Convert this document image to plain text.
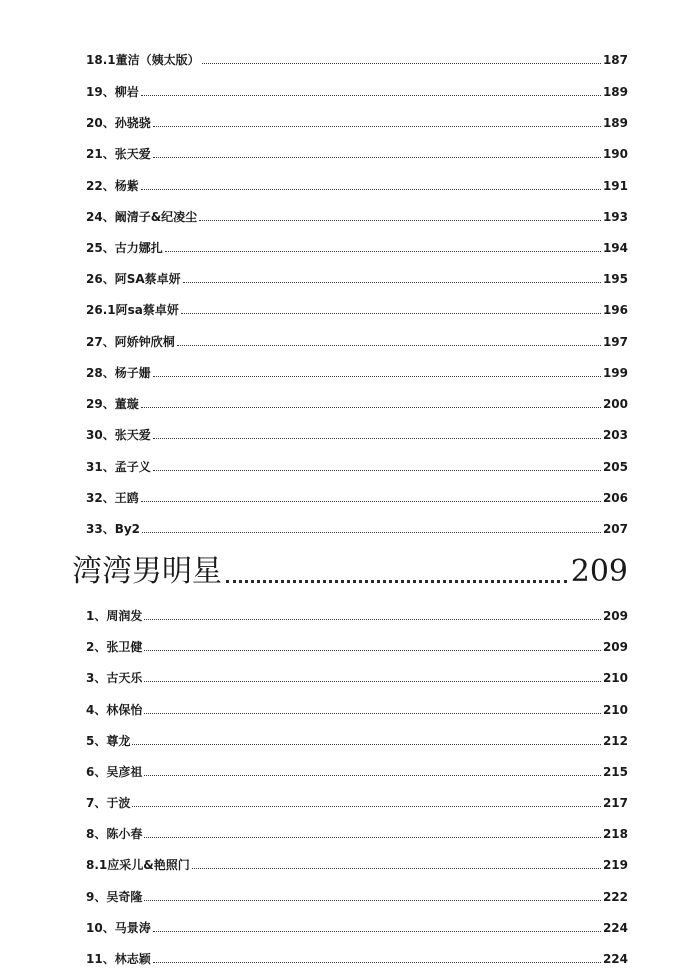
18.1董洁（姨太版）	187
19、柳岩	189
20、孙骁骁	189
21、张天爱	190
22、杨紫	191
24、阚清子&纪凌尘	193
25、古力娜扎	194
26、阿SA蔡卓妍	195
26.1阿sa蔡卓妍	196
27、阿娇钟欣桐	197
28、杨子姗	199
29、董璇	200
30、张天爱	203
31、孟子义	205
32、王鸥	206
33、By2	207
湾湾男明星	209
1、周润发	209
2、张卫健	209
3、古天乐	210
4、林保怡	210
5、尊龙	212
6、吴彦祖	215
7、于波	217
8、陈小春	218
8.1应采儿&艳照门	219
9、吴奇隆	222
10、马景涛	224
11、林志颖	224
